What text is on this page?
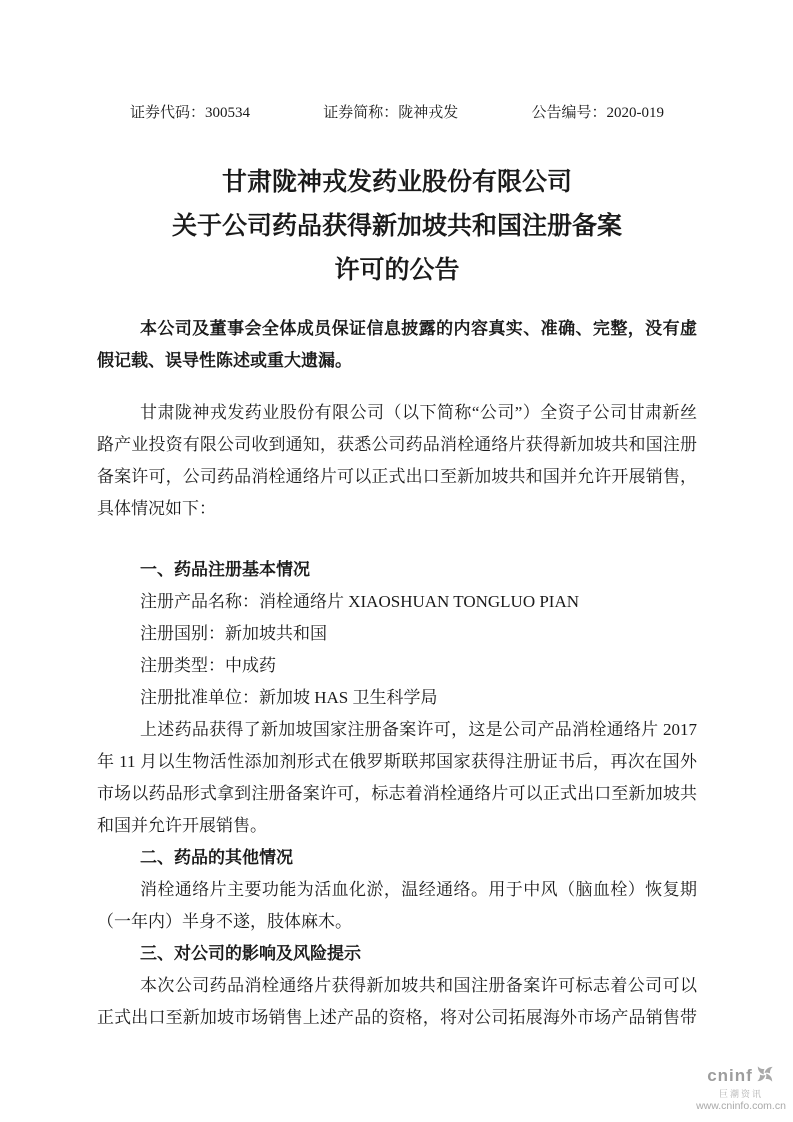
证券代码：300534	证券简称：陇神戎发	公告编号：2020-019
甘肃陇神戎发药业股份有限公司
关于公司药品获得新加坡共和国注册备案
许可的公告

本公司及董事会全体成员保证信息披露的内容真实、准确、完整，没有虚假记载、误导性陈述或重大遗漏。

甘肃陇神戎发药业股份有限公司（以下简称“公司”）全资子公司甘肃新丝路产业投资有限公司收到通知，获悉公司药品消栓通络片获得新加坡共和国注册备案许可，公司药品消栓通络片可以正式出口至新加坡共和国并允许开展销售，具体情况如下：

一、药品注册基本情况
注册产品名称：消栓通络片 XIAOSHUAN TONGLUO PIAN
注册国别：新加坡共和国
注册类型：中成药
注册批准单位：新加坡 HAS 卫生科学局

上述药品获得了新加坡国家注册备案许可，这是公司产品消栓通络片 2017 年 11 月以生物活性添加剂形式在俄罗斯联邦国家获得注册证书后，再次在国外市场以药品形式拿到注册备案许可，标志着消栓通络片可以正式出口至新加坡共和国并允许开展销售。

二、药品的其他情况

消栓通络片主要功能为活血化淤，温经通络。用于中风（脑血栓）恢复期（一年内）半身不遂，肢体麻木。

三、对公司的影响及风险提示

本次公司药品消栓通络片获得新加坡共和国注册备案许可标志着公司可以正式出口至新加坡市场销售上述产品的资格，将对公司拓展海外市场产品销售带

cninf
巨潮资讯
www.cninfo.com.cn
